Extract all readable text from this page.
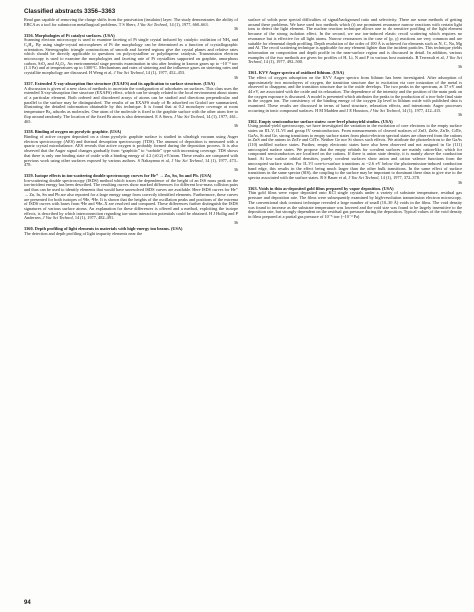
Classified abstracts 3356–3363
Read gun capable of removing the charge shifts from the passivation (insulator) layer. The study demonstrates the ability of EBCA as a tool for submicron metallurgical problems. T S Sherr, J Vac Sci Technol, 14 (1), 1977, 660–663.
36
3356. Morphologies of Pt catalyst surfaces. (USA)
Scanning electron microscopy is used to examine faceting of Pt single crystal induced by catalytic oxidation of NH₃ and C₂H₄. By using single-crystal microspheres of Pt the morphology can be determined as a function of crystallographic orientation. Stereographic triangle constructions of smooth and faceted regions give the crystal planes and relative rates which should be directly applicable to questions on polycrystalline or polydisperse catalysts. Transmission electron microscopy is used to examine the morphologies and faceting rate of Pt crystallites supported on graphite, amorphous carbon, SiO₂ and Al₂O₃. An environmental stage permits examination in situ after heating in known gases up to ~10⁻³ torr (1.3 Pa) and at temperatures up to 1300°C. Mechanisms and rates of sintering and the influence gases on sintering rates and crystallite morphology are discussed. H Weng et al, J Vac Sci Technol, 14 (1), 1977, 452–453.
36
3357. Extended X-ray-absorption fine structure (EXAFS) and its application to surface structure. (USA)
A discussion is given of a new class of methods to ascertain the configuration of adsorbates on surfaces. This class uses the extended X-ray-absorption fine structure (EXAFS) effect, which can be simply related to the local environment about atoms of a particular element. Both ordered and disordered arrays of atoms can be studied and directions perpendicular and parallel to the surface may be distinguished. The results of an EXAFS study of Br adsorbed on Grafoil are summarized, illustrating the detailed information obtainable by this technique. It is found that at 0.2 monolayer coverage at room temperature Br₂ adsorbs as molecules. One atom of the molecule is fixed to the graphite surface with the other atom free to flop around randomly. The location of the fixed Br atom is also determined. E A Stern, J Vac Sci Technol, 14 (1), 1977, 461–465.
36
3358. Binding of oxygen on pyrolytic graphite. (USA)
Binding of active oxygen deposited on a clean pyrolytic graphite surface is studied in ultrahigh vacuum using Auger electron spectroscopy (AES) and thermal desorption spectroscopy (TDS). The amount of deposition is measured with a quartz crystal microbalance. AES reveals that active oxygen is probably formed during the deposition process. It is also observed that the Auger signal changes gradually from “graphitic” to “carbide” type with increasing coverage. TDS shows that there is only one binding state of oxide with a binding energy of 4.2 (±0.2) eV/atom. These results are compared with previous work using other surfaces exposed by various authors. S Nakayama et al, J Vac Sci Technol, 14 (1), 1977, 473–478.
36
3359. Isotope effects in ion-scattering double spectroscopy curves for He⁺ → Zn, Sn, Sn and Pb. (USA)
Ion-scattering double spectroscopy (ISDS) method which traces the dependence of the height of an ISS mass peak on the ion-incident energy has been described. The resulting curves show marked differences for different low-mass collision pairs and thus can be used to identify elements that would have unresolved ISDS curves are available. Here ISDS curves for He⁺ → Zn, In, Sn and Pb are also reported for a large energy range from correctly identified elements. Furthermore, these curves are presented for both isotopes of ³He, ⁴He. It is shown that the heights of the oscillation peaks and positions of the extrema of ISDS curves with bases from ³He and ⁴He–X are resolved and compared. These differences further distinguish the ISDS signatures of various surface atoms. An explanation for these differences is offered and a method, exploiting the isotope effects, is described by which interconnection regarding ion-atom interaction potentials could be obtained. H J Hollig and P Andersen, J Vac Sci Technol, 14 (1), 1977, 482–491.
36
3360. Depth profiling of light elements in materials with high-energy ion beams. (USA)
The detection and depth profiling of light impurity elements near the
surface of solids pose special difficulties of signal/background ratio and selectivity. There are some methods of getting around these problems. We have used two methods which (i) use prominent resonance narrow reactions with certain light ions to detect the light element. The nuclear reaction technique allows one to do sensitive profiling of the light element because of the strong isolation effect. In the second, we use ion-induced elastic recoil scattering which requires no resonance but is effective for all light atoms. Narrow resonances in the case of (p, γ) reactions are very common and are suitable for elemental depth profiling. Depth resolution of the order of 100 Å is achieved for elements such as N, C, Na, Mg and Al. The recoil scattering technique is applicable for any element lighter than the incident particles. This technique yields information on composition and depth profile in the near-surface region and is discussed in detail. In addition, various examples of the two methods are given for profiles of H, Li, N and F in various host materials. B Terreault et al, J Vac Sci Technol, 14 (1), 1977, 492–500.
36
3361. KVV Auger spectra of oxidized lithium. (USA)
The effect of oxygen adsorption on the KVV Auger spectra from lithium has been investigated. After adsorption of approximately two monolayers of oxygen, the transition structure due to excitation via core ionization of the metal is observed to disappear, and the transition structure due to the oxide develops. The two peaks in the spectrum, at 37 eV and 44 eV, are associated with the oxide and its relaxation. The dependence of the intensity and the position of the main peak on the oxygen exposure is discussed. A model is presented which attributes the peaks to the production of a two-hole final state in the oxygen ion. The consistency of the binding energy of the oxygen 2p level in lithium oxide with published data is examined. These results are discussed in terms of band structure, relaxation effects, and interatomic Auger processes occurring in ionic compound surfaces. H M Madden and J E Houston, J Vac Sci Technol, 14 (1), 1977, 412–415.
36
3362. Empty semiconductor surface states: core-level photoyield studies. (USA)
Using partial-yield spectroscopy, we have investigated the variation in the excitation of core electrons to the empty surface states on III–V, II–VI and group IV semiconductors. From measurements of cleaved surfaces of ZnO, ZnSe, ZnTe, CdTe, GaAs, Si and Ge, strong transitions to empty surface states from photo-electron spectral states are observed from the cations in ZnS and the anions in ZnTe and CdTe. Neither Ge nor Si shows such effects. We attribute the photoelectron to the GaAs (110) unfilled surface states. Further, empty electronic states have also been observed and not assigned in Ge (111) unoccupied surface states. We propose that the empty orbitals for covalent surfaces are mainly cation-like, which for compound semiconductors are localized on the cations. If there is anion state density, it is mainly above the conduction band. At low surface orbital densities, purely covalent surfaces show anion and cation valence functions from the unoccupied surface states. For II–VI core-to-surface transitions at ~2.6 eV below the photoemission-induced conduction band edge, this results in the effect being much larger than the other bulk transitions. In the same effect of surface transitions in the same spectra (SIS), the coupling to the surface may be important to dominant these data to give rise to the spectra associated with the surface states. R S Bauer et al, J Vac Sci Technol, 14 (1), 1977, 372–378.
36
3363. Voids in thin as-deposited gold films prepared by vapor deposition. (USA)
Thin gold films were vapor deposited onto KCl single crystals under a variety of substrate temperature, residual gas pressure and deposition rate. The films were subsequently examined by high-resolution transmission electron microscopy. The conventional dark contrast technique revealed a large number of small (10–30 Å) voids in the films. The void density was found to increase as the substrate temperature was lowered and the void size was found to be largely insensitive to the deposition rate, but strongly dependent on the residual gas pressure during the deposition. Typical values of the void density in films prepared at a partial gas pressure of 10⁻⁵ torr (~10⁻³ Pa)
94
